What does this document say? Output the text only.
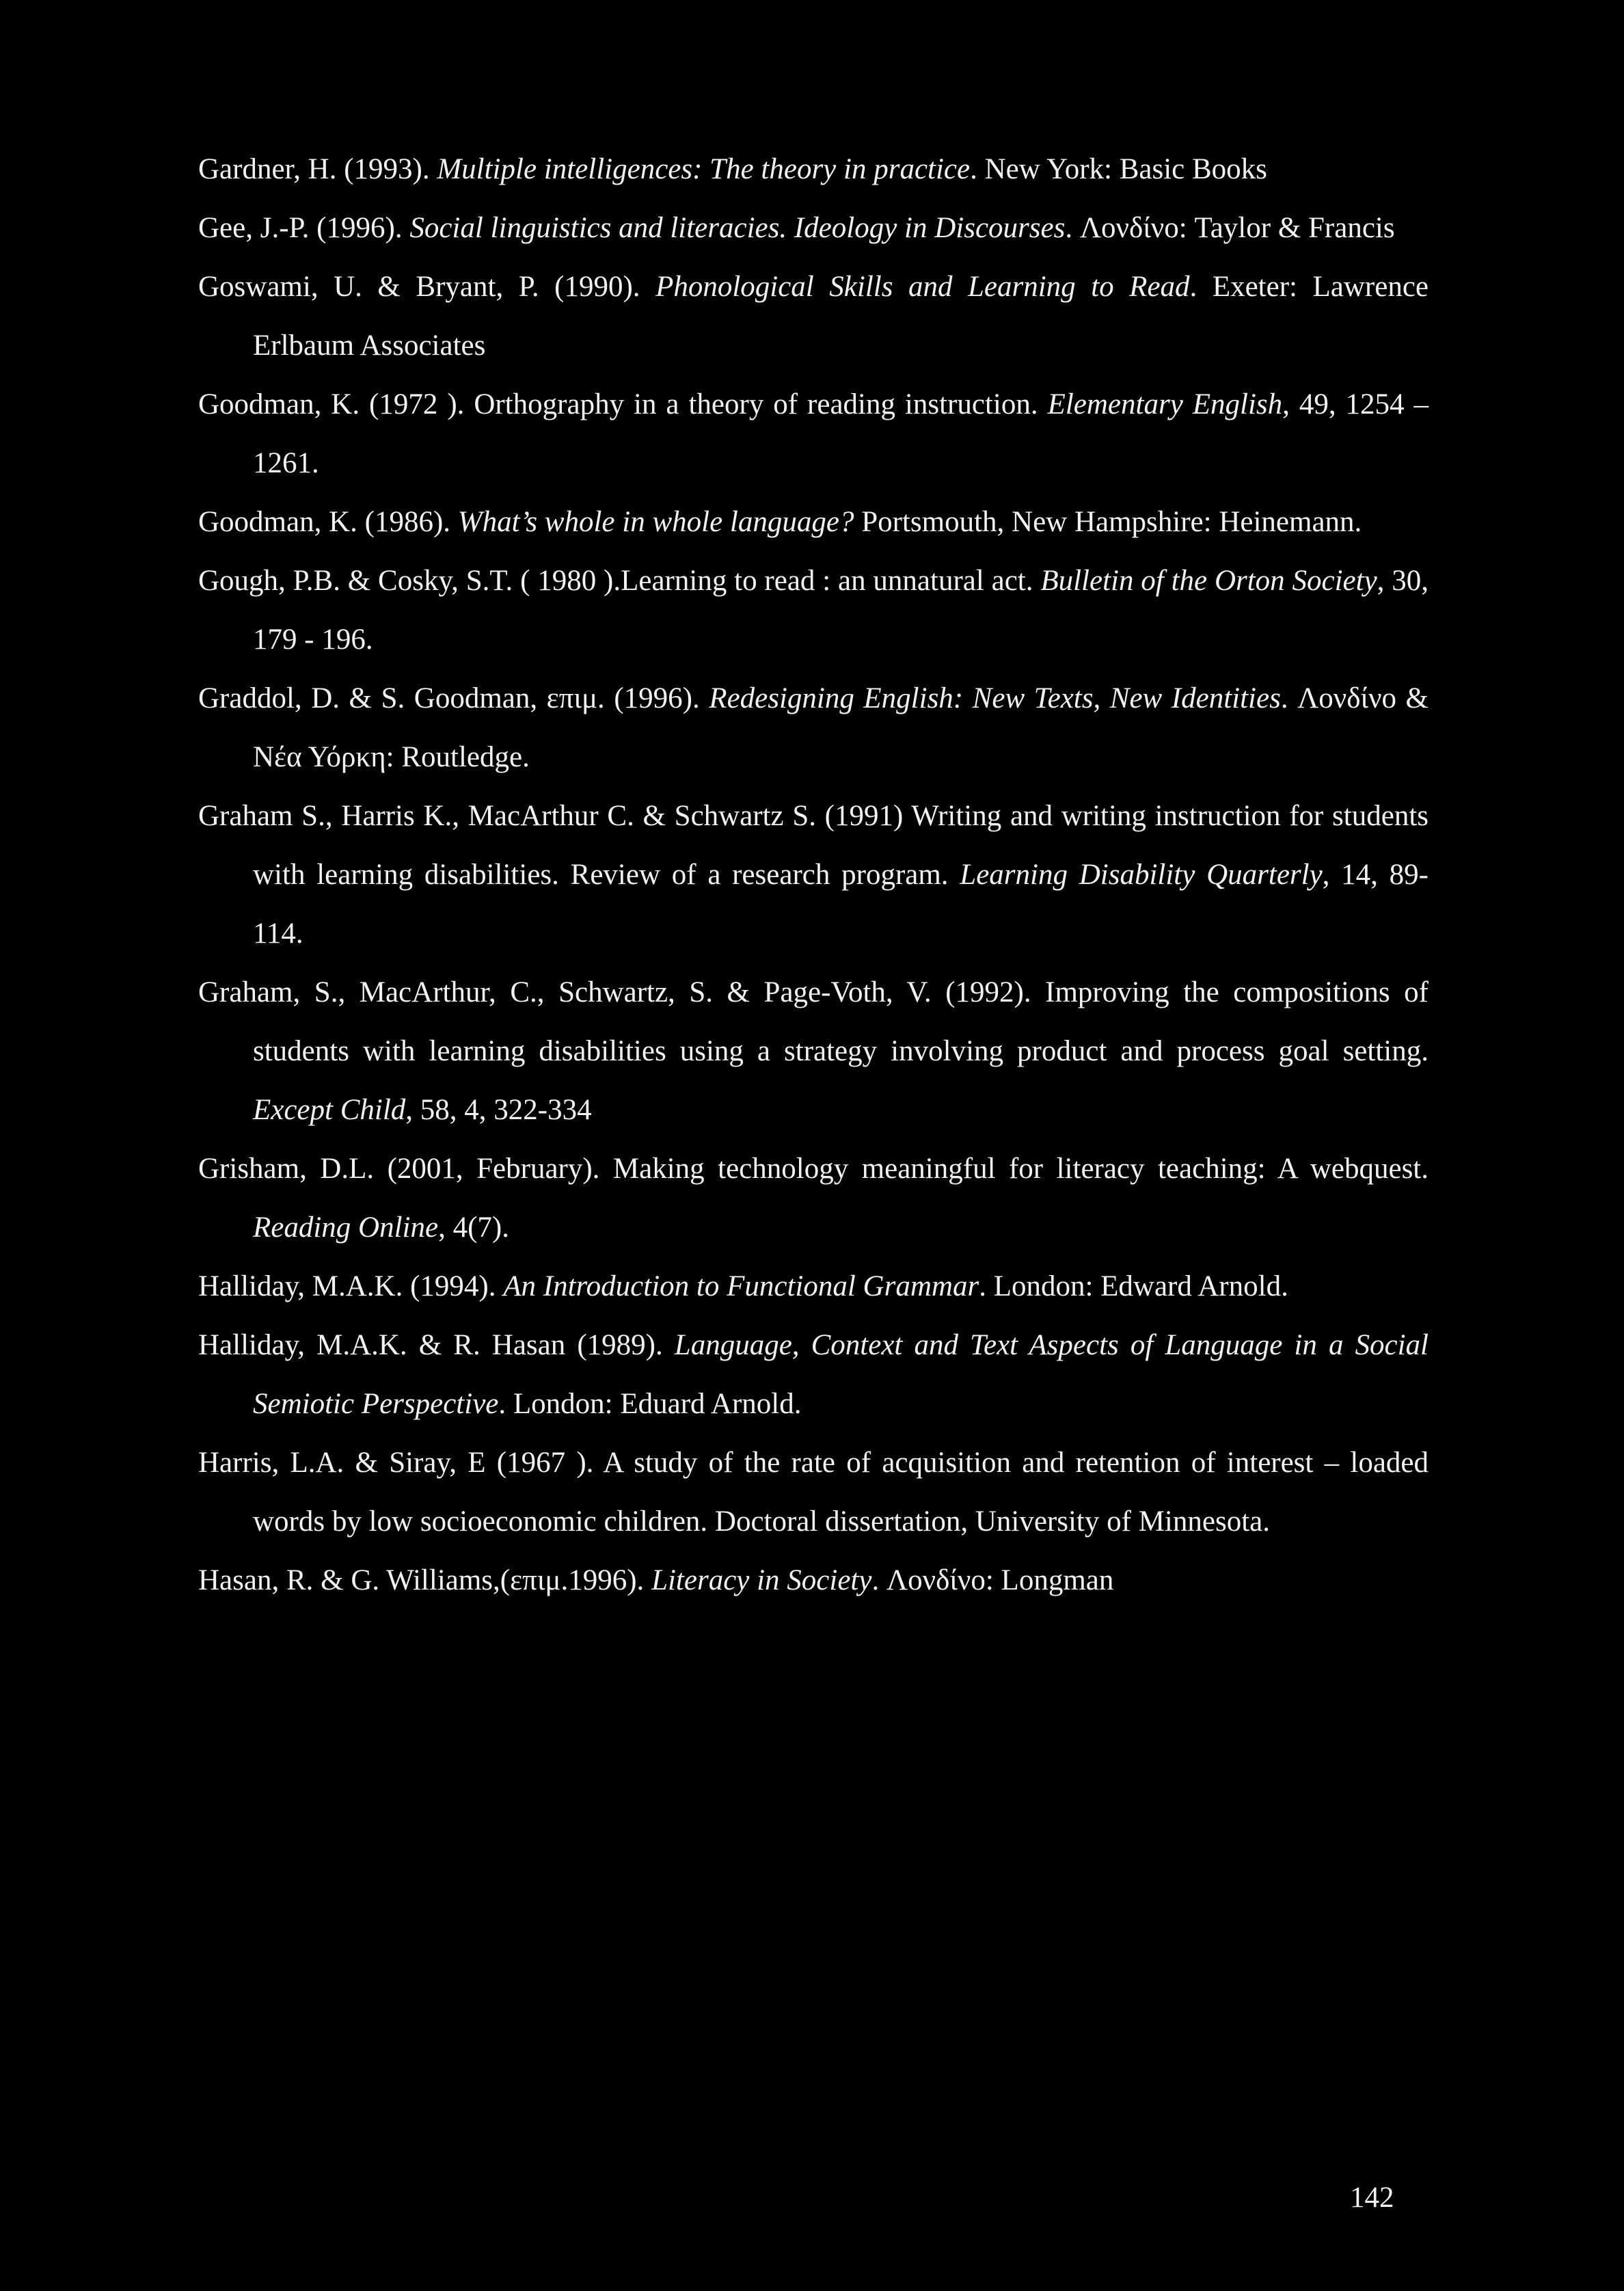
Gardner, H. (1993). Multiple intelligences: The theory in practice. New York: Basic Books

Gee, J.-P. (1996). Social linguistics and literacies. Ideology in Discourses. Λονδίνο: Taylor & Francis

Goswami, U. & Bryant, P. (1990). Phonological Skills and Learning to Read. Exeter: Lawrence Erlbaum Associates

Goodman, K. (1972 ). Orthography in a theory of reading instruction. Elementary English, 49, 1254 – 1261.

Goodman, K. (1986). What’s whole in whole language? Portsmouth, New Hampshire: Heinemann.

Gough, P.B. & Cosky, S.T. ( 1980 ).Learning to read : an unnatural act. Bulletin of the Orton Society, 30, 179 - 196.

Graddol, D. & S. Goodman, επιμ. (1996). Redesigning English: New Texts, New Identities. Λονδίνο & Νέα Υόρκη: Routledge.

Graham S., Harris K., MacArthur C. & Schwartz S. (1991) Writing and writing instruction for students with learning disabilities. Review of a research program. Learning Disability Quarterly, 14, 89-114.

Graham, S., MacArthur, C., Schwartz, S. & Page-Voth, V. (1992). Improving the compositions of students with learning disabilities using a strategy involving product and process goal setting. Except Child, 58, 4, 322-334

Grisham, D.L. (2001, February). Making technology meaningful for literacy teaching: A webquest. Reading Online, 4(7).

Halliday, M.A.K. (1994). An Introduction to Functional Grammar. London: Edward Arnold.

Halliday, M.A.K. & R. Hasan (1989). Language, Context and Text Aspects of Language in a Social Semiotic Perspective. London: Eduard Arnold.

Harris, L.A. & Siray, E (1967 ). A study of the rate of acquisition and retention of interest – loaded words by low socioeconomic children. Doctoral dissertation, University of Minnesota.

Hasan, R. & G. Williams,(επιμ.1996). Literacy in Society. Λονδίνο: Longman

142
